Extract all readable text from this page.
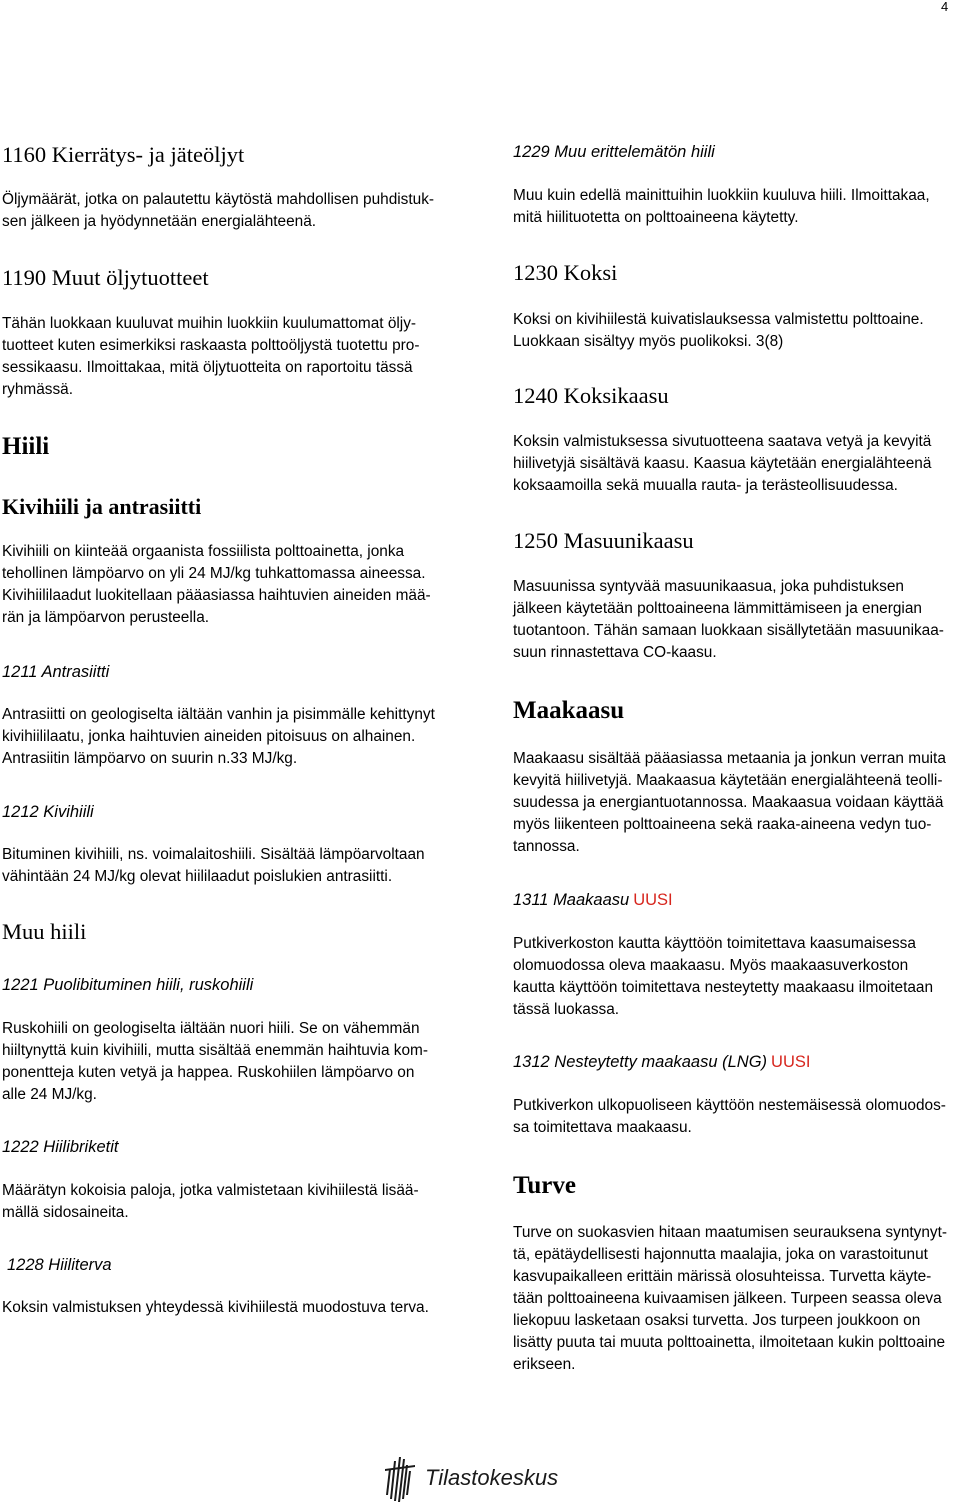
4
1160 Kierrätys- ja jäteöljyt
Öljymäärät, jotka on palautettu käytöstä mahdollisen puhdistuk-
sen jälkeen ja hyödynnetään energialähteenä.
1190 Muut öljytuotteet
Tähän luokkaan kuuluvat muihin luokkiin kuulumattomat öljy-
tuotteet kuten esimerkiksi raskaasta polttoöljystä tuotettu pro-
sessikaasu. Ilmoittakaa, mitä öljytuotteita on raportoitu tässä
ryhmässä.
Hiili
Kivihiili ja antrasiitti
Kivihiili on kiinteää orgaanista fossiilista polttoainetta, jonka
tehollinen lämpöarvo on yli 24 MJ/kg tuhkattomassa aineessa.
Kivihiililaadut luokitellaan pääasiassa haihtuvien aineiden mää-
rän ja lämpöarvon perusteella.
1211 Antrasiitti
Antrasiitti on geologiselta iältään vanhin ja pisimmälle kehittynyt
kivihiililaatu, jonka haihtuvien aineiden pitoisuus on alhainen.
Antrasiitin lämpöarvo on suurin n.33 MJ/kg.
1212 Kivihiili
Bituminen kivihiili, ns. voimalaitoshiili. Sisältää lämpöarvoltaan
vähintään 24 MJ/kg olevat hiililaadut poislukien antrasiitti.
Muu hiili
1221 Puolibituminen hiili, ruskohiili
Ruskohiili on geologiselta iältään nuori hiili. Se on vähemmän
hiiltynyttä kuin kivihiili, mutta sisältää enemmän haihtuvia kom-
ponentteja kuten vetyä ja happea. Ruskohiilen lämpöarvo on
alle 24 MJ/kg.
1222 Hiilibriketit
Määrätyn kokoisia paloja, jotka valmistetaan kivihiilestä lisää-
mällä sidosaineita.
1228 Hiiliterva
Koksin valmistuksen yhteydessä kivihiilestä muodostuva terva.
1229 Muu erittelemätön hiili
Muu kuin edellä mainittuihin luokkiin kuuluva hiili. Ilmoittakaa,
mitä hiilituotetta on polttoaineena käytetty.
1230 Koksi
Koksi on kivihiilestä kuivatislauksessa valmistettu polttoaine.
Luokkaan sisältyy myös puolikoksi. 3(8)
1240 Koksikaasu
Koksin valmistuksessa sivutuotteena saatava vetyä ja kevyitä
hiilivetyjä sisältävä kaasu. Kaasua käytetään energialähteenä
koksaamoilla sekä muualla rauta- ja terästeollisuudessa.
1250 Masuunikaasu
Masuunissa syntyvää masuunikaasua, joka puhdistuksen
jälkeen käytetään polttoaineena lämmittämiseen ja energian
tuotantoon. Tähän samaan luokkaan sisällytetään masuunikaa-
suun rinnastettava CO-kaasu.
Maakaasu
Maakaasu sisältää pääasiassa metaania ja jonkun verran muita
kevyitä hiilivetyjä. Maakaasua käytetään energialähteenä teolli-
suudessa ja energiantuotannossa. Maakaasua voidaan käyttää
myös liikenteen polttoaineena sekä raaka-aineena vedyn tuo-
tannossa.
1311 Maakaasu UUSI
Putkiverkoston kautta käyttöön toimitettava kaasumaisessa
olomuodossa oleva maakaasu. Myös maakaasuverkoston
kautta käyttöön toimitettava nesteytetty maakaasu ilmoitetaan
tässä luokassa.
1312 Nesteytetty maakaasu (LNG) UUSI
Putkiverkon ulkopuoliseen käyttöön nestemäisessä olomuodos-
sa toimitettava maakaasu.
Turve
Turve on suokasvien hitaan maatumisen seurauksena syntynyt-
tä, epätäydellisesti hajonnutta maalajia, joka on varastoitunut
kasvupaikalleen erittäin märissä olosuhteissa. Turvetta käyte-
tään polttoaineena kuivaamisen jälkeen. Turpeen seassa oleva
liekopuu lasketaan osaksi turvetta. Jos turpeen joukkoon on
lisätty puuta tai muuta polttoainetta, ilmoitetaan kukin polttoaine
erikseen.
Tilastokeskus
